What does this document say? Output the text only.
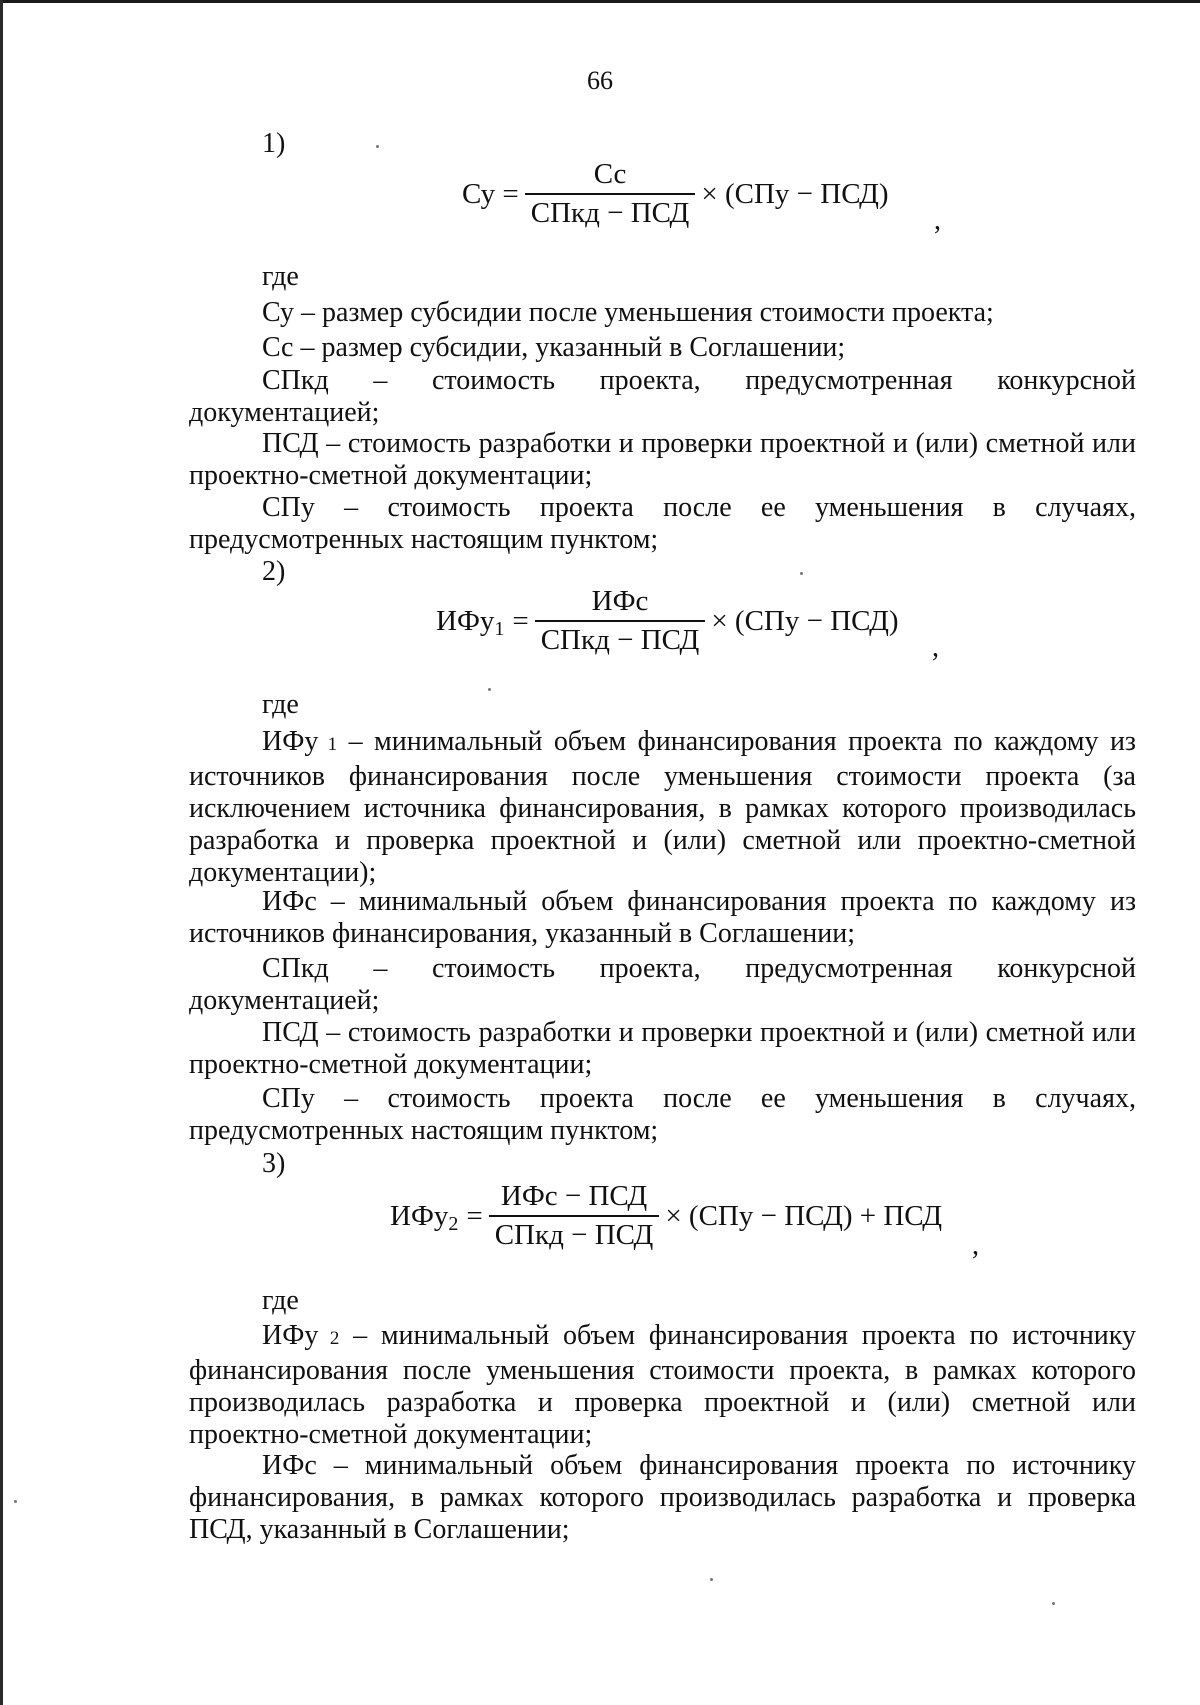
66
1)
Су = $\frac{Сс}{\text{СПкд − ПСД}} \times (СПу - ПСД)$
,
где
Су – размер субсидии после уменьшения стоимости проекта;
Сс – размер субсидии, указанный в Соглашении;
СПкд – стоимость проекта, предусмотренная конкурсной
документацией;
ПСД – стоимость разработки и проверки проектной и (или) сметной или проектно-сметной документации;
СПу – стоимость проекта после ее уменьшения в случаях,
предусмотренных настоящим пунктом;
2)
ИФу $1 = \frac{\text{ИФс}}{\text{СПкд − ПСД}} \times (СПу - ПСД)$
,
где
ИФу 1 – минимальный объем финансирования проекта по каждому из источников финансирования после уменьшения стоимости проекта (за исключением источника финансирования, в рамках которого производилась разработка и проверка проектной и (или) сметной или проектно-сметной документации);
ИФс – минимальный объем финансирования проекта по каждому из источников финансирования, указанный в Соглашении;
СПкд – стоимость проекта, предусмотренная конкурсной
документацией;
ПСД – стоимость разработки и проверки проектной и (или) сметной или проектно-сметной документации;
СПу – стоимость проекта после ее уменьшения в случаях,
предусмотренных настоящим пунктом;
3)
ИФу $2 = \frac{\text{ИФс − ПСД}}{\text{СПкд − ПСД}} \times (СПу - ПСД)$ + ПСД
,
где
ИФу 2 – минимальный объем финансирования проекта по источнику финансирования после уменьшения стоимости проекта, в рамках которого производилась разработка и проверка проектной и (или) сметной или проектно-сметной документации;
ИФс – минимальный объем финансирования проекта по источнику финансирования, в рамках которого производилась разработка и проверка ПСД, указанный в Соглашении;
